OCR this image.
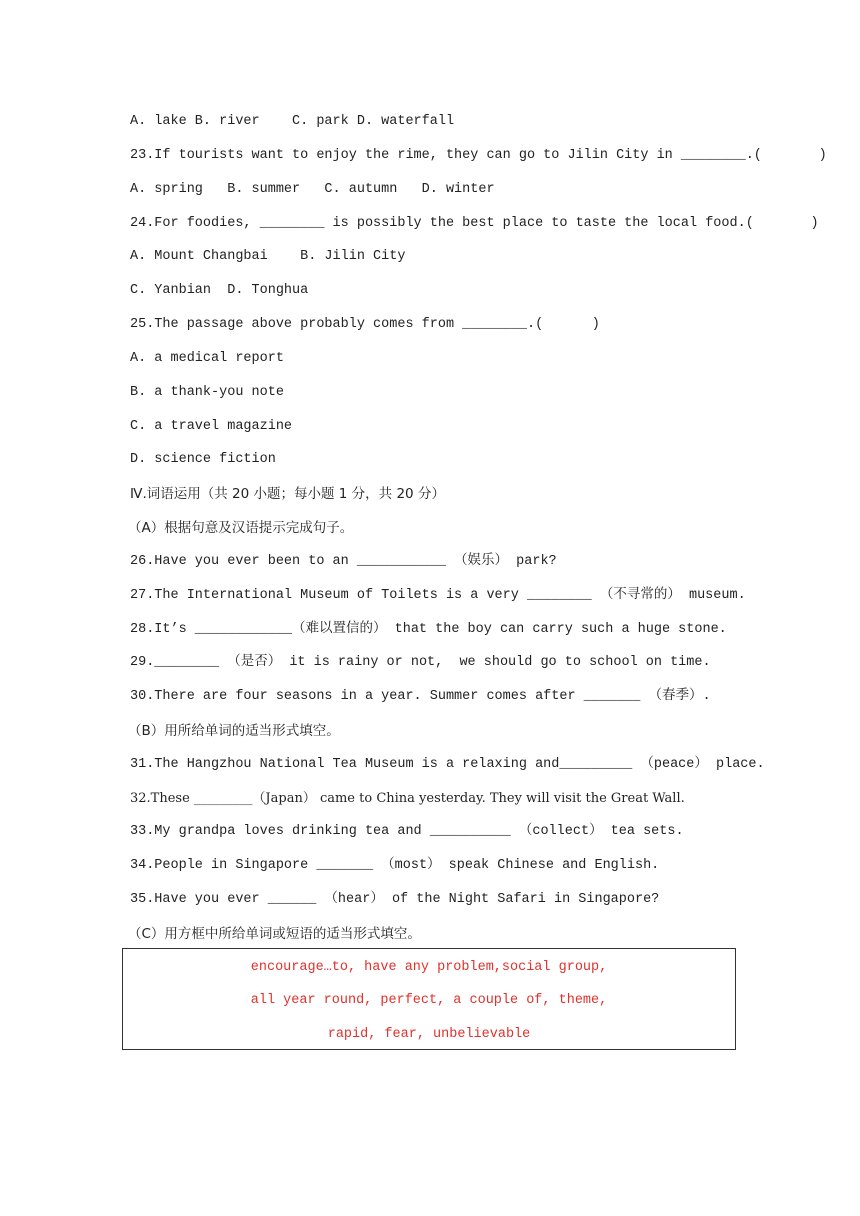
A. lake B. river    C. park D. waterfall
23.If tourists want to enjoy the rime, they can go to Jilin City in ________.(       )
A. spring   B. summer   C. autumn   D. winter
24.For foodies, ________ is possibly the best place to taste the local food.(       )
A. Mount Changbai    B. Jilin City
C. Yanbian  D. Tonghua
25.The passage above probably comes from ________.(      )
A. a medical report
B. a thank-you note
C. a travel magazine
D. science fiction
Ⅳ.词语运用（共 20 小题；每小题 1 分，共 20 分）
（A）根据句意及汉语提示完成句子。
26.Have you ever been to an ___________ （娱乐） park?
27.The International Museum of Toilets is a very ________ （不寻常的） museum.
28.It’s ____________（难以置信的） that the boy can carry such a huge stone.
29.________ （是否） it is rainy or not,  we should go to school on time.
30.There are four seasons in a year. Summer comes after _______ （春季）.
（B）用所给单词的适当形式填空。
31.The Hangzhou National Tea Museum is a relaxing and_________ （peace） place.
32.These _________（Japan） came to China yesterday. They will visit the Great Wall.
33.My grandpa loves drinking tea and __________ （collect） tea sets.
34.People in Singapore _______ （most） speak Chinese and English.
35.Have you ever ______ （hear） of the Night Safari in Singapore?
（C）用方框中所给单词或短语的适当形式填空。
encourage…to, have any problem,social group,
all year round, perfect, a couple of, theme,
rapid, fear, unbelievable
